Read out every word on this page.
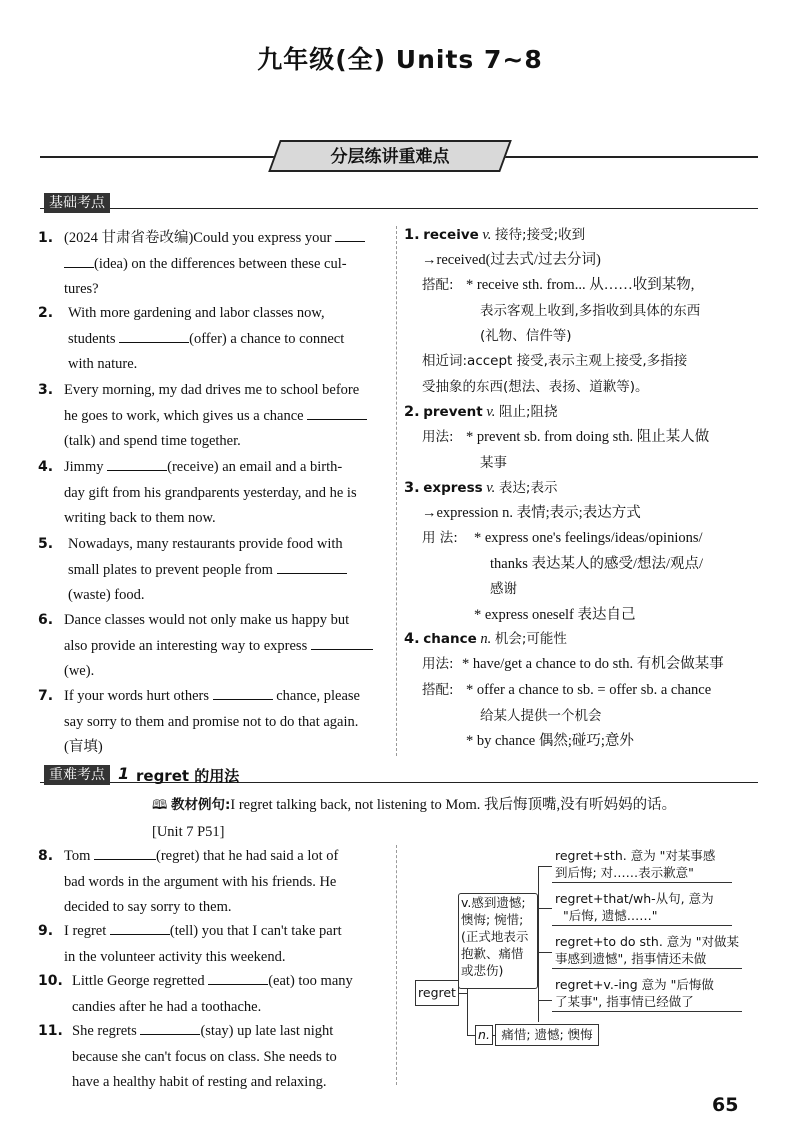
九年级(全) Units 7~8
分层练讲重难点
基础考点
1. (2024 甘肃省卷改编)Could you express your
(idea) on the differences between these cul-
tures?
2. With more gardening and labor classes now,
students	(offer) a chance to connect
with nature.
3. Every morning, my dad drives me to school before
he goes to work, which gives us a chance
(talk) and spend time together.
4. Jimmy	(receive) an email and a birth-
day gift from his grandparents yesterday, and he is
writing back to them now.
5. Nowadays, many restaurants provide food with
small plates to prevent people from
(waste) food.
6. Dance classes would not only make us happy but
also provide an interesting way to express
(we).
7. If your words hurt others	chance, please
say sorry to them and promise not to do that again.
(盲填)
1. receive v. 接待;接受;收到
→received(过去式/过去分词)
搭配: * receive sth. from... 从……收到某物,
表示客观上收到,多指收到具体的东西
(礼物、信件等)
相近词:accept 接受,表示主观上接受,多指接
受抽象的东西(想法、表扬、道歉等)。
2. prevent v. 阻止;阻挠
用法: * prevent sb. from doing sth. 阻止某人做
某事
3. express v. 表达;表示
→expression n. 表情;表示;表达方式
用 法:	* express one's feelings/ideas/opinions/
thanks 表达某人的感受/想法/观点/
感谢
* express oneself 表达自己
4. chance n. 机会;可能性
用法: * have/get a chance to do sth. 有机会做某事
搭配: * offer a chance to sb. = offer sb. a chance
给某人提供一个机会
* by chance 偶然;碰巧;意外
重难考点 1 regret 的用法
🕮 教材例句:I regret talking back, not listening to Mom. 我后悔顶嘴,没有听妈妈的话。
[Unit 7 P51]
8. Tom	(regret) that he had said a lot of
bad words in the argument with his friends. He
decided to say sorry to them.
9. I regret	(tell) you that I can't take part
in the volunteer activity this weekend.
10. Little George regretted	(eat) too many
candies after he had a toothache.
11. She regrets	(stay) up late last night
because she can't focus on class. She needs to
have a healthy habit of resting and relaxing.
regret
v.感到遗憾;
懊悔; 惋惜;
(正式地表示
抱歉、痛惜
或悲伤)
regret+sth. 意为 "对某事感
到后悔; 对……表示歉意"
regret+that/wh-从句, 意为
"后悔, 遗憾……"
regret+to do sth. 意为 "对做某
事感到遗憾", 指事情还未做
regret+v.-ing 意为 "后悔做
了某事", 指事情已经做了
n. 痛惜; 遗憾; 懊悔
65
